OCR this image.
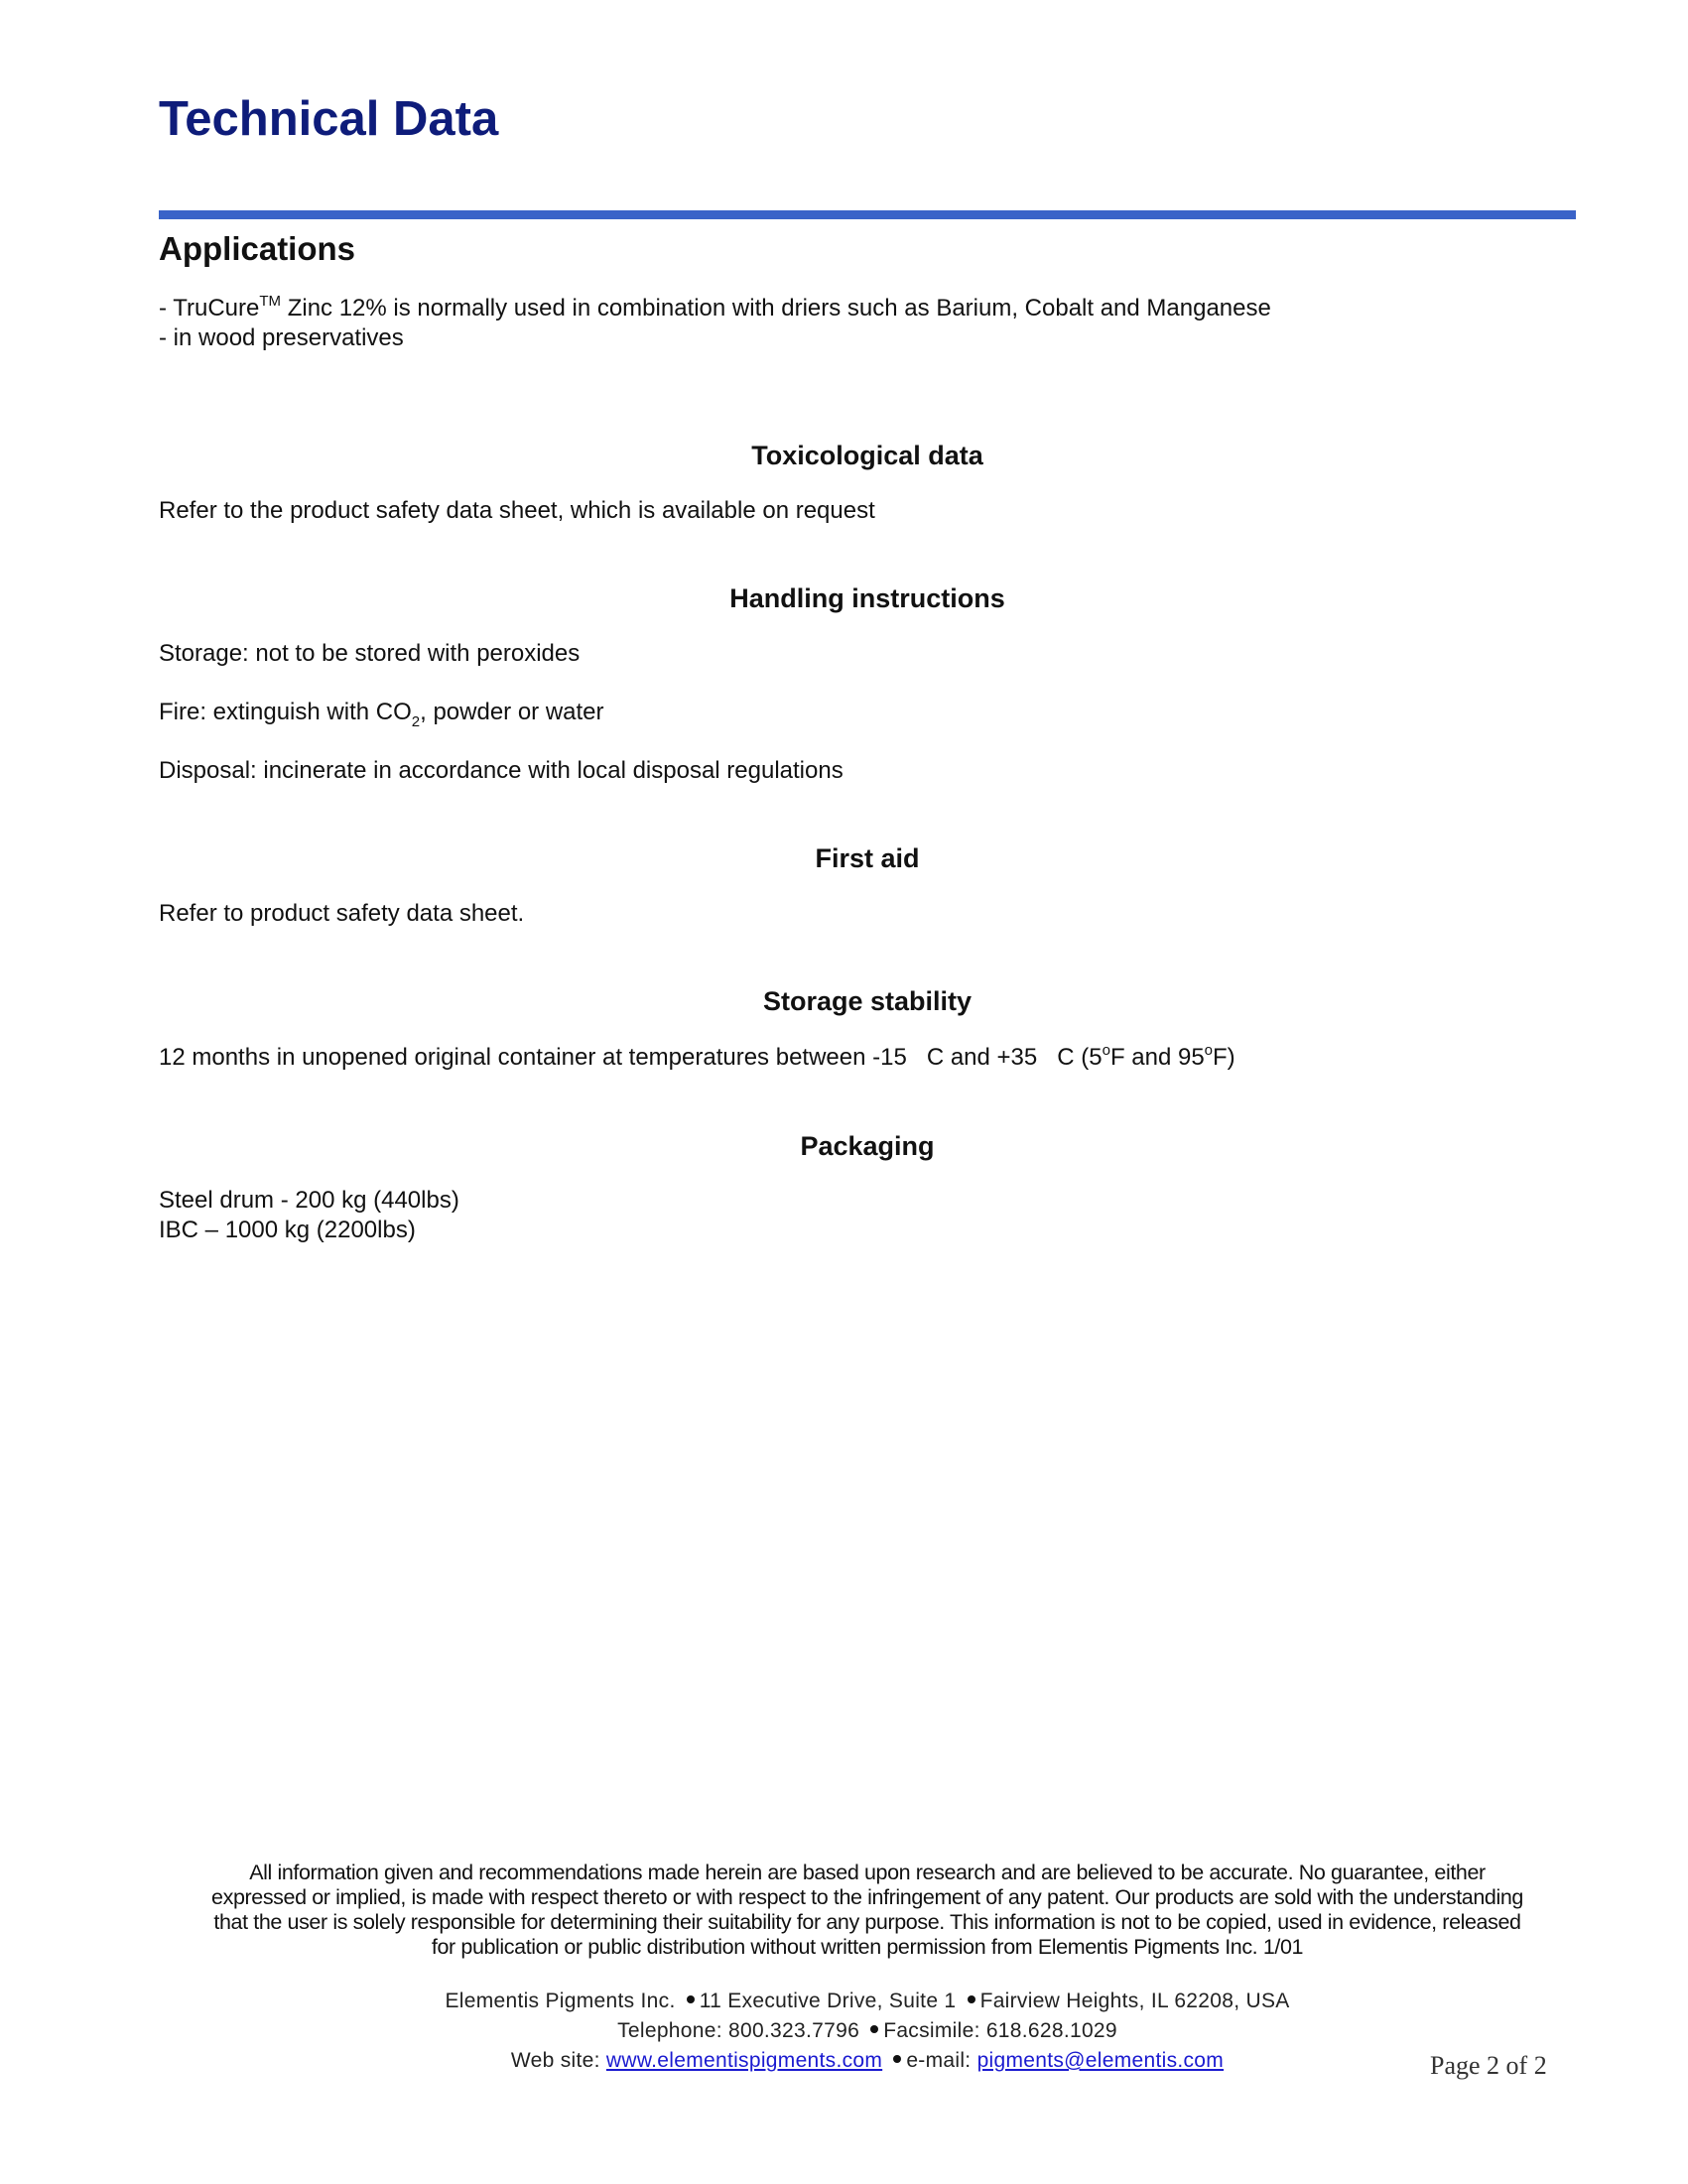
Technical Data
Applications
- TruCure™ Zinc 12% is normally used in combination with driers such as Barium, Cobalt and Manganese
- in wood preservatives
Toxicological data
Refer to the product safety data sheet, which is available on request
Handling instructions
Storage: not to be stored with peroxides
Fire: extinguish with $CO_2$, powder or water
Disposal: incinerate in accordance with local disposal regulations
First aid
Refer to product safety data sheet.
Storage stability
12 months in unopened original container at temperatures between -15   C and +35   C (5$^o$F and 95$^o$F)
Packaging
Steel drum - 200 kg (440lbs)
IBC – 1000 kg (2200lbs)
All information given and recommendations made herein are based upon research and are believed to be accurate. No guarantee, either
expressed or implied, is made with respect thereto or with respect to the infringement of any patent. Our products are sold with the understanding
that the user is solely responsible for determining their suitability for any purpose. This information is not to be copied, used in evidence, released
for publication or public distribution without written permission from Elementis Pigments Inc. 1/01
Elementis Pigments Inc. 11 Executive Drive, Suite 1 Fairview Heights, IL 62208, USA
Telephone: 800.323.7796 Facsimile: 618.628.1029
Web site: www.elementispigments.com e-mail: pigments@elementis.com	Page 2 of 2
